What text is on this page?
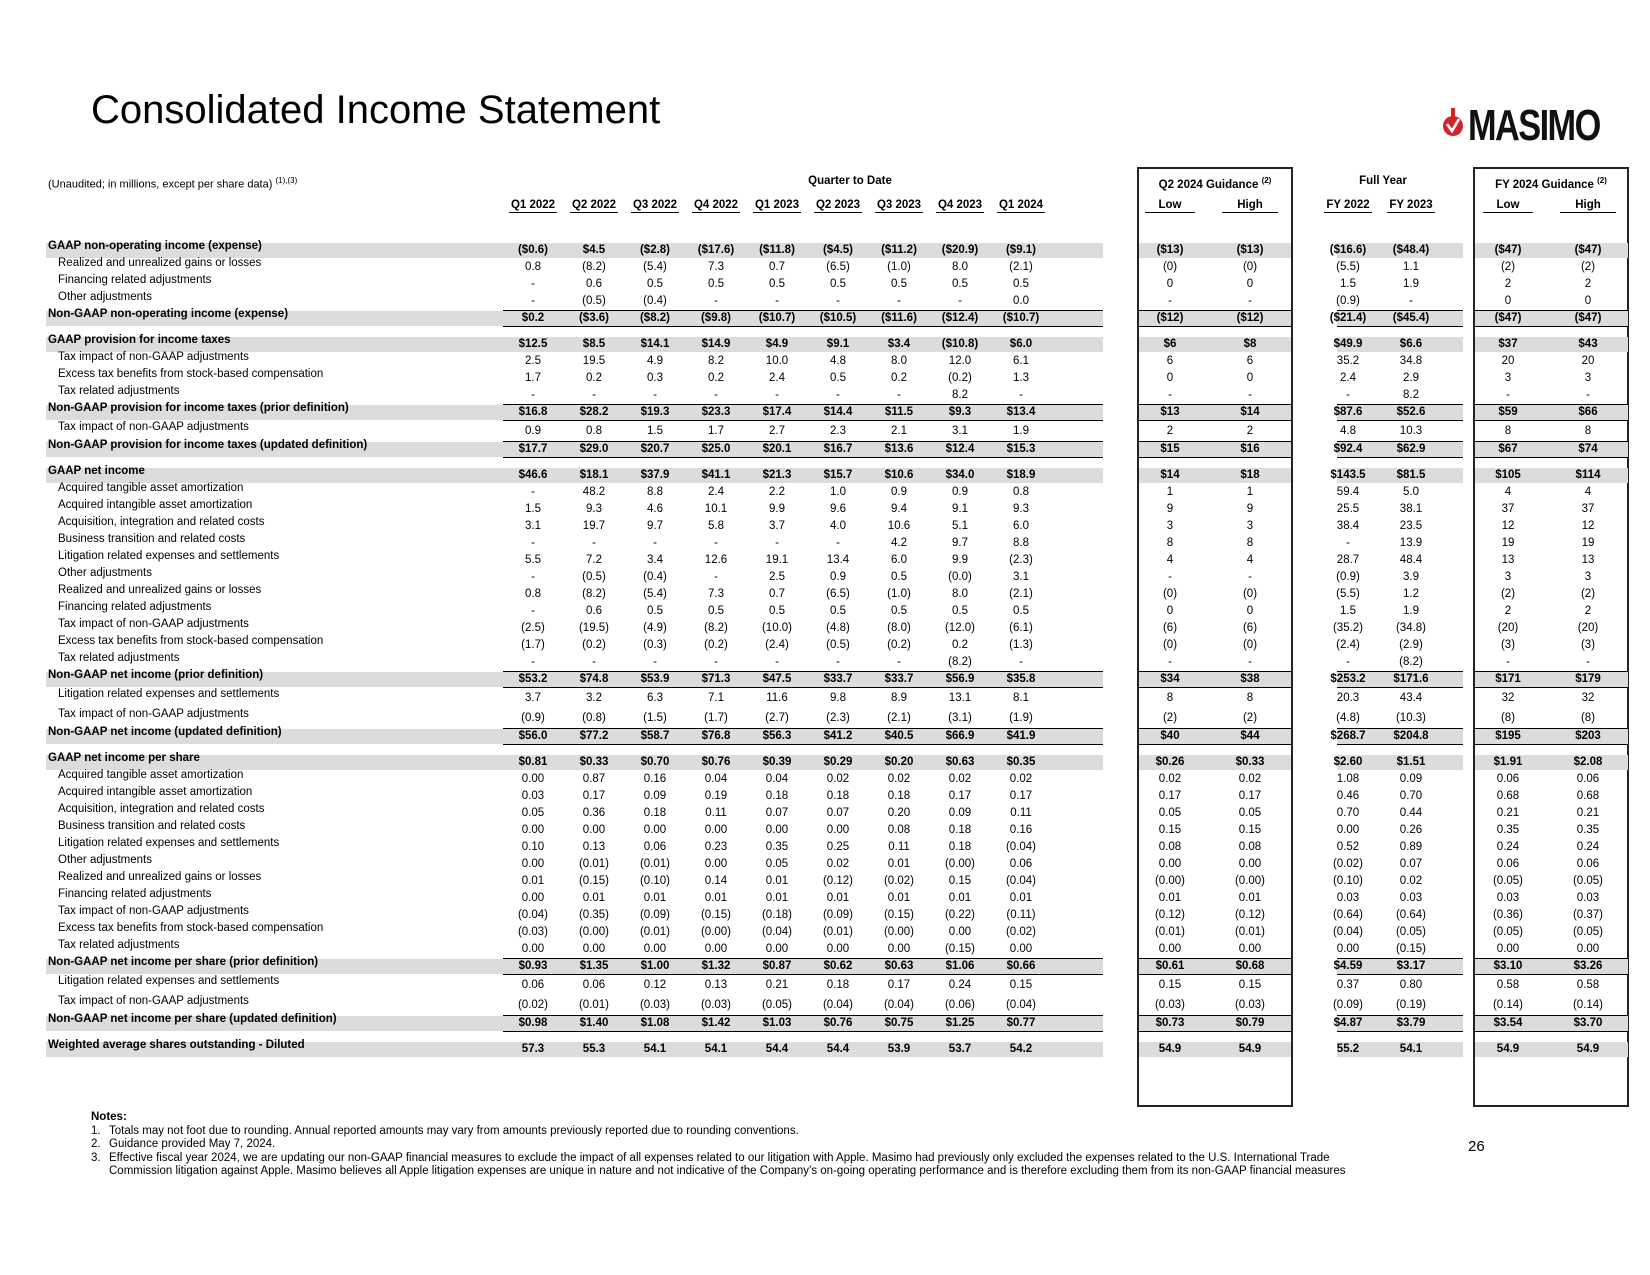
Consolidated Income Statement	MASIMO
(Unaudited; in millions, except per share data) $^{(1),(3)}$	Quarter to Date	Q2 2024 Guidance $^{(2)}$	Full Year	FY 2024 Guidance $^{(2)}$
Q1 2022 Q2 2022 Q3 2022 Q4 2022 Q1 2023 Q2 2023 Q3 2023 Q4 2023 Q1 2024	Low	High	FY 2022 FY 2023	Low	High
GAAP non-operating income (expense)	($0.6)	$4.5	($2.8)	($17.6)	($11.8)	($4.5)	($11.2)	($20.9)	($9.1)	($13)	($13)	($16.6)	($48.4)	($47)	($47)
Realized and unrealized gains or losses	0.8	(8.2)	(5.4)	7.3	0.7	(6.5)	(1.0)	8.0	(2.1)	(0)	(0)	(5.5)	1.1	(2)	(2)
Financing related adjustments	-	0.6	0.5	0.5	0.5	0.5	0.5	0.5	0.5	0	0	1.5	1.9	2	2
Other adjustments	-	(0.5)	(0.4)	-	-	-	-	-	0.0	-	-	(0.9)	-	0	0
Non-GAAP non-operating income (expense)	$0.2	($3.6)	($8.2)	($9.8)	($10.7)	($10.5)	($11.6)	($12.4)	($10.7)	($12)	($12)	($21.4)	($45.4)	($47)	($47)
GAAP provision for income taxes	$12.5	$8.5	$14.1	$14.9	$4.9	$9.1	$3.4	($10.8)	$6.0	$6	$8	$49.9	$6.6	$37	$43
Tax impact of non-GAAP adjustments	2.5	19.5	4.9	8.2	10.0	4.8	8.0	12.0	6.1	6	6	35.2	34.8	20	20
Excess tax benefits from stock-based compensation	1.7	0.2	0.3	0.2	2.4	0.5	0.2	(0.2)	1.3	0	0	2.4	2.9	3	3
Tax related adjustments	-	-	-	-	-	-	-	8.2	-	-	-	-	8.2	-	-
Non-GAAP provision for income taxes (prior definition)	$16.8	$28.2	$19.3	$23.3	$17.4	$14.4	$11.5	$9.3	$13.4	$13	$14	$87.6	$52.6	$59	$66
Tax impact of non-GAAP adjustments	0.9	0.8	1.5	1.7	2.7	2.3	2.1	3.1	1.9	2	2	4.8	10.3	8	8
Non-GAAP provision for income taxes (updated definition)	$17.7	$29.0	$20.7	$25.0	$20.1	$16.7	$13.6	$12.4	$15.3	$15	$16	$92.4	$62.9	$67	$74
GAAP net income	$46.6	$18.1	$37.9	$41.1	$21.3	$15.7	$10.6	$34.0	$18.9	$14	$18	$143.5	$81.5	$105	$114
Acquired tangible asset amortization	-	48.2	8.8	2.4	2.2	1.0	0.9	0.9	0.8	1	1	59.4	5.0	4	4
Acquired intangible asset amortization	1.5	9.3	4.6	10.1	9.9	9.6	9.4	9.1	9.3	9	9	25.5	38.1	37	37
Acquisition, integration and related costs	3.1	19.7	9.7	5.8	3.7	4.0	10.6	5.1	6.0	3	3	38.4	23.5	12	12
Business transition and related costs	-	-	-	-	-	-	4.2	9.7	8.8	8	8	-	13.9	19	19
Litigation related expenses and settlements	5.5	7.2	3.4	12.6	19.1	13.4	6.0	9.9	(2.3)	4	4	28.7	48.4	13	13
Other adjustments	-	(0.5)	(0.4)	-	2.5	0.9	0.5	(0.0)	3.1	-	-	(0.9)	3.9	3	3
Realized and unrealized gains or losses	0.8	(8.2)	(5.4)	7.3	0.7	(6.5)	(1.0)	8.0	(2.1)	(0)	(0)	(5.5)	1.2	(2)	(2)
Financing related adjustments	-	0.6	0.5	0.5	0.5	0.5	0.5	0.5	0.5	0	0	1.5	1.9	2	2
Tax impact of non-GAAP adjustments	(2.5)	(19.5)	(4.9)	(8.2)	(10.0)	(4.8)	(8.0)	(12.0)	(6.1)	(6)	(6)	(35.2)	(34.8)	(20)	(20)
Excess tax benefits from stock-based compensation	(1.7)	(0.2)	(0.3)	(0.2)	(2.4)	(0.5)	(0.2)	0.2	(1.3)	(0)	(0)	(2.4)	(2.9)	(3)	(3)
Tax related adjustments	-	-	-	-	-	-	-	(8.2)	-	-	-	-	(8.2)	-	-
Non-GAAP net income (prior definition)	$53.2	$74.8	$53.9	$71.3	$47.5	$33.7	$33.7	$56.9	$35.8	$34	$38	$253.2	$171.6	$171	$179
Litigation related expenses and settlements	3.7	3.2	6.3	7.1	11.6	9.8	8.9	13.1	8.1	8	8	20.3	43.4	32	32
Tax impact of non-GAAP adjustments	(0.9)	(0.8)	(1.5)	(1.7)	(2.7)	(2.3)	(2.1)	(3.1)	(1.9)	(2)	(2)	(4.8)	(10.3)	(8)	(8)
Non-GAAP net income (updated definition)	$56.0	$77.2	$58.7	$76.8	$56.3	$41.2	$40.5	$66.9	$41.9	$40	$44	$268.7	$204.8	$195	$203
GAAP net income per share	$0.81	$0.33	$0.70	$0.76	$0.39	$0.29	$0.20	$0.63	$0.35	$0.26	$0.33	$2.60	$1.51	$1.91	$2.08
Acquired tangible asset amortization	0.00	0.87	0.16	0.04	0.04	0.02	0.02	0.02	0.02	0.02	0.02	1.08	0.09	0.06	0.06
Acquired intangible asset amortization	0.03	0.17	0.09	0.19	0.18	0.18	0.18	0.17	0.17	0.17	0.17	0.46	0.70	0.68	0.68
Acquisition, integration and related costs	0.05	0.36	0.18	0.11	0.07	0.07	0.20	0.09	0.11	0.05	0.05	0.70	0.44	0.21	0.21
Business transition and related costs	0.00	0.00	0.00	0.00	0.00	0.00	0.08	0.18	0.16	0.15	0.15	0.00	0.26	0.35	0.35
Litigation related expenses and settlements	0.10	0.13	0.06	0.23	0.35	0.25	0.11	0.18	(0.04)	0.08	0.08	0.52	0.89	0.24	0.24
Other adjustments	0.00	(0.01)	(0.01)	0.00	0.05	0.02	0.01	(0.00)	0.06	0.00	0.00	(0.02)	0.07	0.06	0.06
Realized and unrealized gains or losses	0.01	(0.15)	(0.10)	0.14	0.01	(0.12)	(0.02)	0.15	(0.04)	(0.00)	(0.00)	(0.10)	0.02	(0.05)	(0.05)
Financing related adjustments	0.00	0.01	0.01	0.01	0.01	0.01	0.01	0.01	0.01	0.01	0.01	0.03	0.03	0.03	0.03
Tax impact of non-GAAP adjustments	(0.04)	(0.35)	(0.09)	(0.15)	(0.18)	(0.09)	(0.15)	(0.22)	(0.11)	(0.12)	(0.12)	(0.64)	(0.64)	(0.36)	(0.37)
Excess tax benefits from stock-based compensation	(0.03)	(0.00)	(0.01)	(0.00)	(0.04)	(0.01)	(0.00)	0.00	(0.02)	(0.01)	(0.01)	(0.04)	(0.05)	(0.05)	(0.05)
Tax related adjustments	0.00	0.00	0.00	0.00	0.00	0.00	0.00	(0.15)	0.00	0.00	0.00	0.00	(0.15)	0.00	0.00
Non-GAAP net income per share (prior definition)	$0.93	$1.35	$1.00	$1.32	$0.87	$0.62	$0.63	$1.06	$0.66	$0.61	$0.68	$4.59	$3.17	$3.10	$3.26
Litigation related expenses and settlements	0.06	0.06	0.12	0.13	0.21	0.18	0.17	0.24	0.15	0.15	0.15	0.37	0.80	0.58	0.58
Tax impact of non-GAAP adjustments	(0.02)	(0.01)	(0.03)	(0.03)	(0.05)	(0.04)	(0.04)	(0.06)	(0.04)	(0.03)	(0.03)	(0.09)	(0.19)	(0.14)	(0.14)
Non-GAAP net income per share (updated definition)	$0.98	$1.40	$1.08	$1.42	$1.03	$0.76	$0.75	$1.25	$0.77	$0.73	$0.79	$4.87	$3.79	$3.54	$3.70
Weighted average shares outstanding - Diluted	57.3	55.3	54.1	54.1	54.4	54.4	53.9	53.7	54.2	54.9	54.9	55.2	54.1	54.9	54.9
Notes:
1. Totals may not foot due to rounding. Annual reported amounts may vary from amounts previously reported due to rounding conventions.
2. Guidance provided May 7, 2024.
3. Effective fiscal year 2024, we are updating our non-GAAP financial measures to exclude the impact of all expenses related to our litigation with Apple. Masimo had previously only excluded the expenses related to the U.S. International Trade Commission litigation against Apple. Masimo believes all Apple litigation expenses are unique in nature and not indicative of the Company’s on-going operating performance and is therefore excluding them from its non-GAAP financial measures
26
